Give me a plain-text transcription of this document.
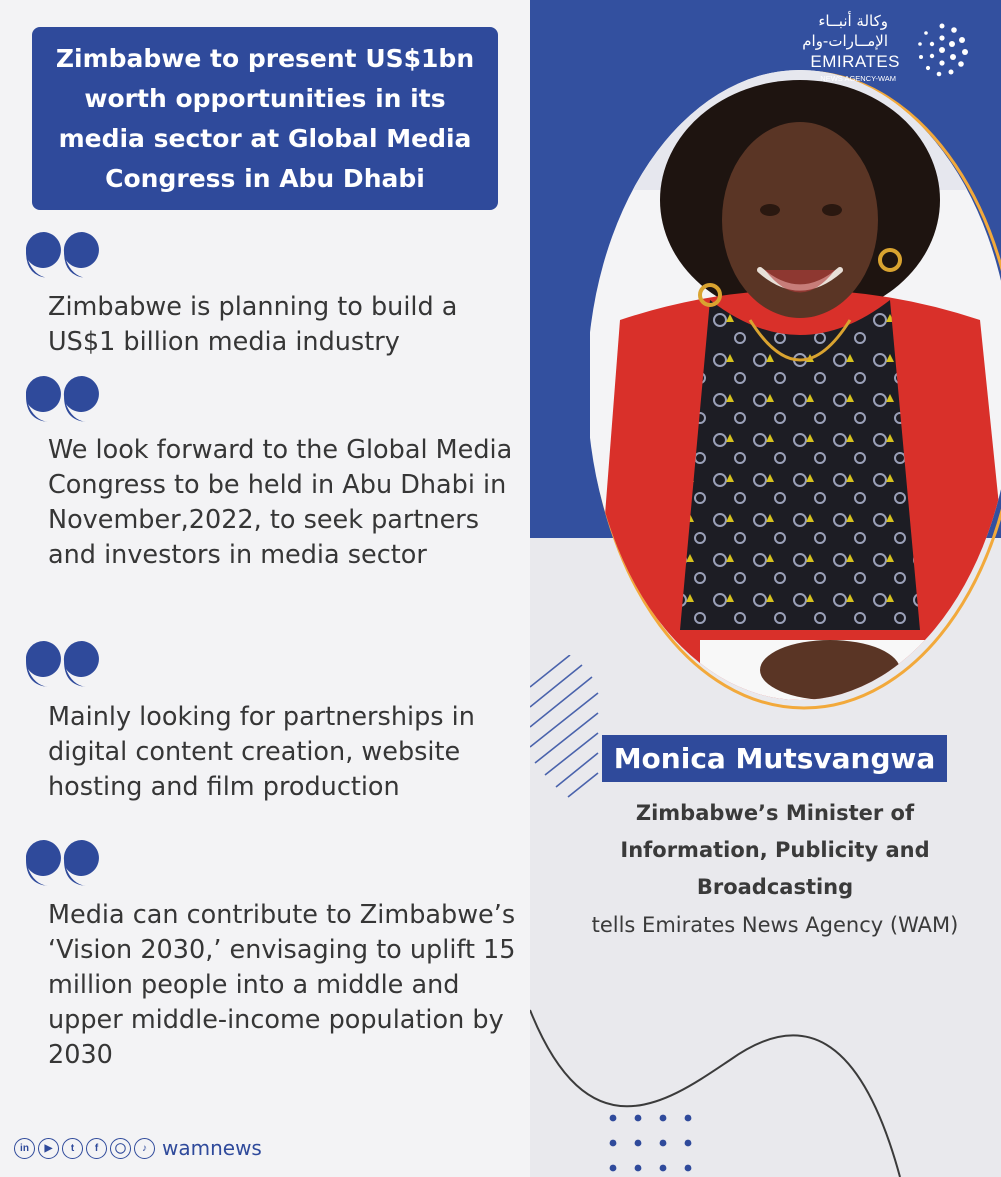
Zimbabwe to present US$1bn worth opportunities in its media sector at Global Media Congress in Abu Dhabi

Zimbabwe is planning to build a US$1 billion media industry

We look forward to the Global Media Congress to be held in Abu Dhabi in November,2022, to seek partners and investors in media sector

Mainly looking for partnerships in digital content creation, website hosting and film production

Media can contribute to Zimbabwe’s ‘Vision 2030,’ envisaging to uplift 15 million people into a middle and upper middle-income population by 2030

Monica Mutsvangwa

Zimbabwe’s Minister of Information, Publicity and Broadcasting

tells Emirates News Agency (WAM)

وكالة أنبــاء
الإمــارات-وام
EMIRATES
NEWS AGENCY-WAM
in	▶	t	f	◯	♪ wamnews
